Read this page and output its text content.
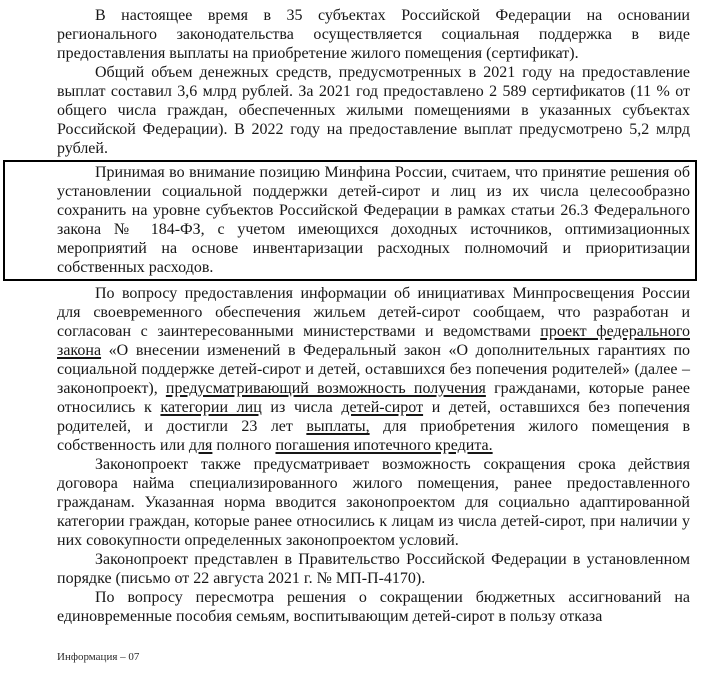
В настоящее время в 35 субъектах Российской Федерации на основании регионального законодательства осуществляется социальная поддержка в виде предоставления выплаты на приобретение жилого помещения (сертификат).

Общий объем денежных средств, предусмотренных в 2021 году на предоставление выплат составил 3,6 млрд рублей. За 2021 год предоставлено 2 589 сертификатов (11 % от общего числа граждан, обеспеченных жилыми помещениями в указанных субъектах Российской Федерации). В 2022 году на предоставление выплат предусмотрено 5,2 млрд рублей.

Принимая во внимание позицию Минфина России, считаем, что принятие решения об установлении социальной поддержки детей-сирот и лиц из их числа целесообразно сохранить на уровне субъектов Российской Федерации в рамках статьи 26.3 Федерального закона № 184-ФЗ, с учетом имеющихся доходных источников, оптимизационных мероприятий на основе инвентаризации расходных полномочий и приоритизации собственных расходов.

По вопросу предоставления информации об инициативах Минпросвещения России для своевременного обеспечения жильем детей-сирот сообщаем, что разработан и согласован с заинтересованными министерствами и ведомствами проект федерального закона «О внесении изменений в Федеральный закон «О дополнительных гарантиях по социальной поддержке детей-сирот и детей, оставшихся без попечения родителей» (далее – законопроект), предусматривающий возможность получения гражданами, которые ранее относились к категории лиц из числа детей-сирот и детей, оставшихся без попечения родителей, и достигли 23 лет выплаты, для приобретения жилого помещения в собственность или для полного погашения ипотечного кредита.

Законопроект также предусматривает возможность сокращения срока действия договора найма специализированного жилого помещения, ранее предоставленного гражданам. Указанная норма вводится законопроектом для социально адаптированной категории граждан, которые ранее относились к лицам из числа детей-сирот, при наличии у них совокупности определенных законопроектом условий.

Законопроект представлен в Правительство Российской Федерации в установленном порядке (письмо от 22 августа 2021 г. № МП-П-4170).

По вопросу пересмотра решения о сокращении бюджетных ассигнований на единовременные пособия семьям, воспитывающим детей-сирот в пользу отказа

Информация – 07
